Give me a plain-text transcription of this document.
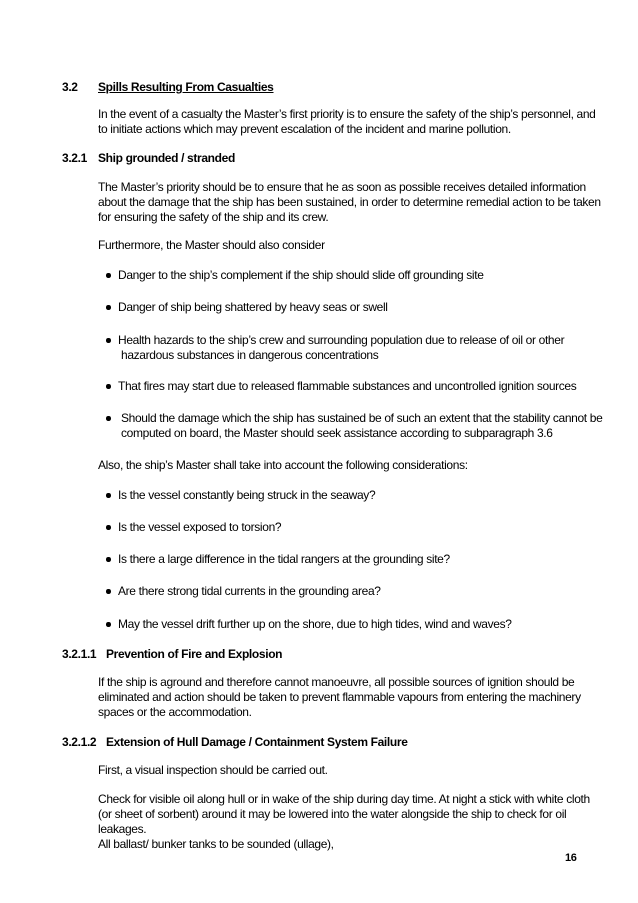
3.2 Spills Resulting From Casualties
In the event of a casualty the Master’s first priority is to ensure the safety of the ship’s personnel, and
to initiate actions which may prevent escalation of the incident and marine pollution.
3.2.1 Ship grounded / stranded
The Master’s priority should be to ensure that he as soon as possible receives detailed information
about the damage that the ship has been sustained, in order to determine remedial action to be taken
for ensuring the safety of the ship and its crew.
Furthermore, the Master should also consider
Danger to the ship’s complement if the ship should slide off grounding site
Danger of ship being shattered by heavy seas or swell
Health hazards to the ship’s crew and surrounding population due to release of oil or other
hazardous substances in dangerous concentrations
That fires may start due to released flammable substances and uncontrolled ignition sources
Should the damage which the ship has sustained be of such an extent that the stability cannot be
computed on board, the Master should seek assistance according to subparagraph 3.6
Also, the ship’s Master shall take into account the following considerations:
Is the vessel constantly being struck in the seaway?
Is the vessel exposed to torsion?
Is there a large difference in the tidal rangers at the grounding site?
Are there strong tidal currents in the grounding area?
May the vessel drift further up on the shore, due to high tides, wind and waves?
3.2.1.1 Prevention of Fire and Explosion
If the ship is aground and therefore cannot manoeuvre, all possible sources of ignition should be
eliminated and action should be taken to prevent flammable vapours from entering the machinery
spaces or the accommodation.
3.2.1.2 Extension of Hull Damage / Containment System Failure
First, a visual inspection should be carried out.
Check for visible oil along hull or in wake of the ship during day time. At night a stick with white cloth
(or sheet of sorbent) around it may be lowered into the water alongside the ship to check for oil
leakages.
All ballast/ bunker tanks to be sounded (ullage),
16
